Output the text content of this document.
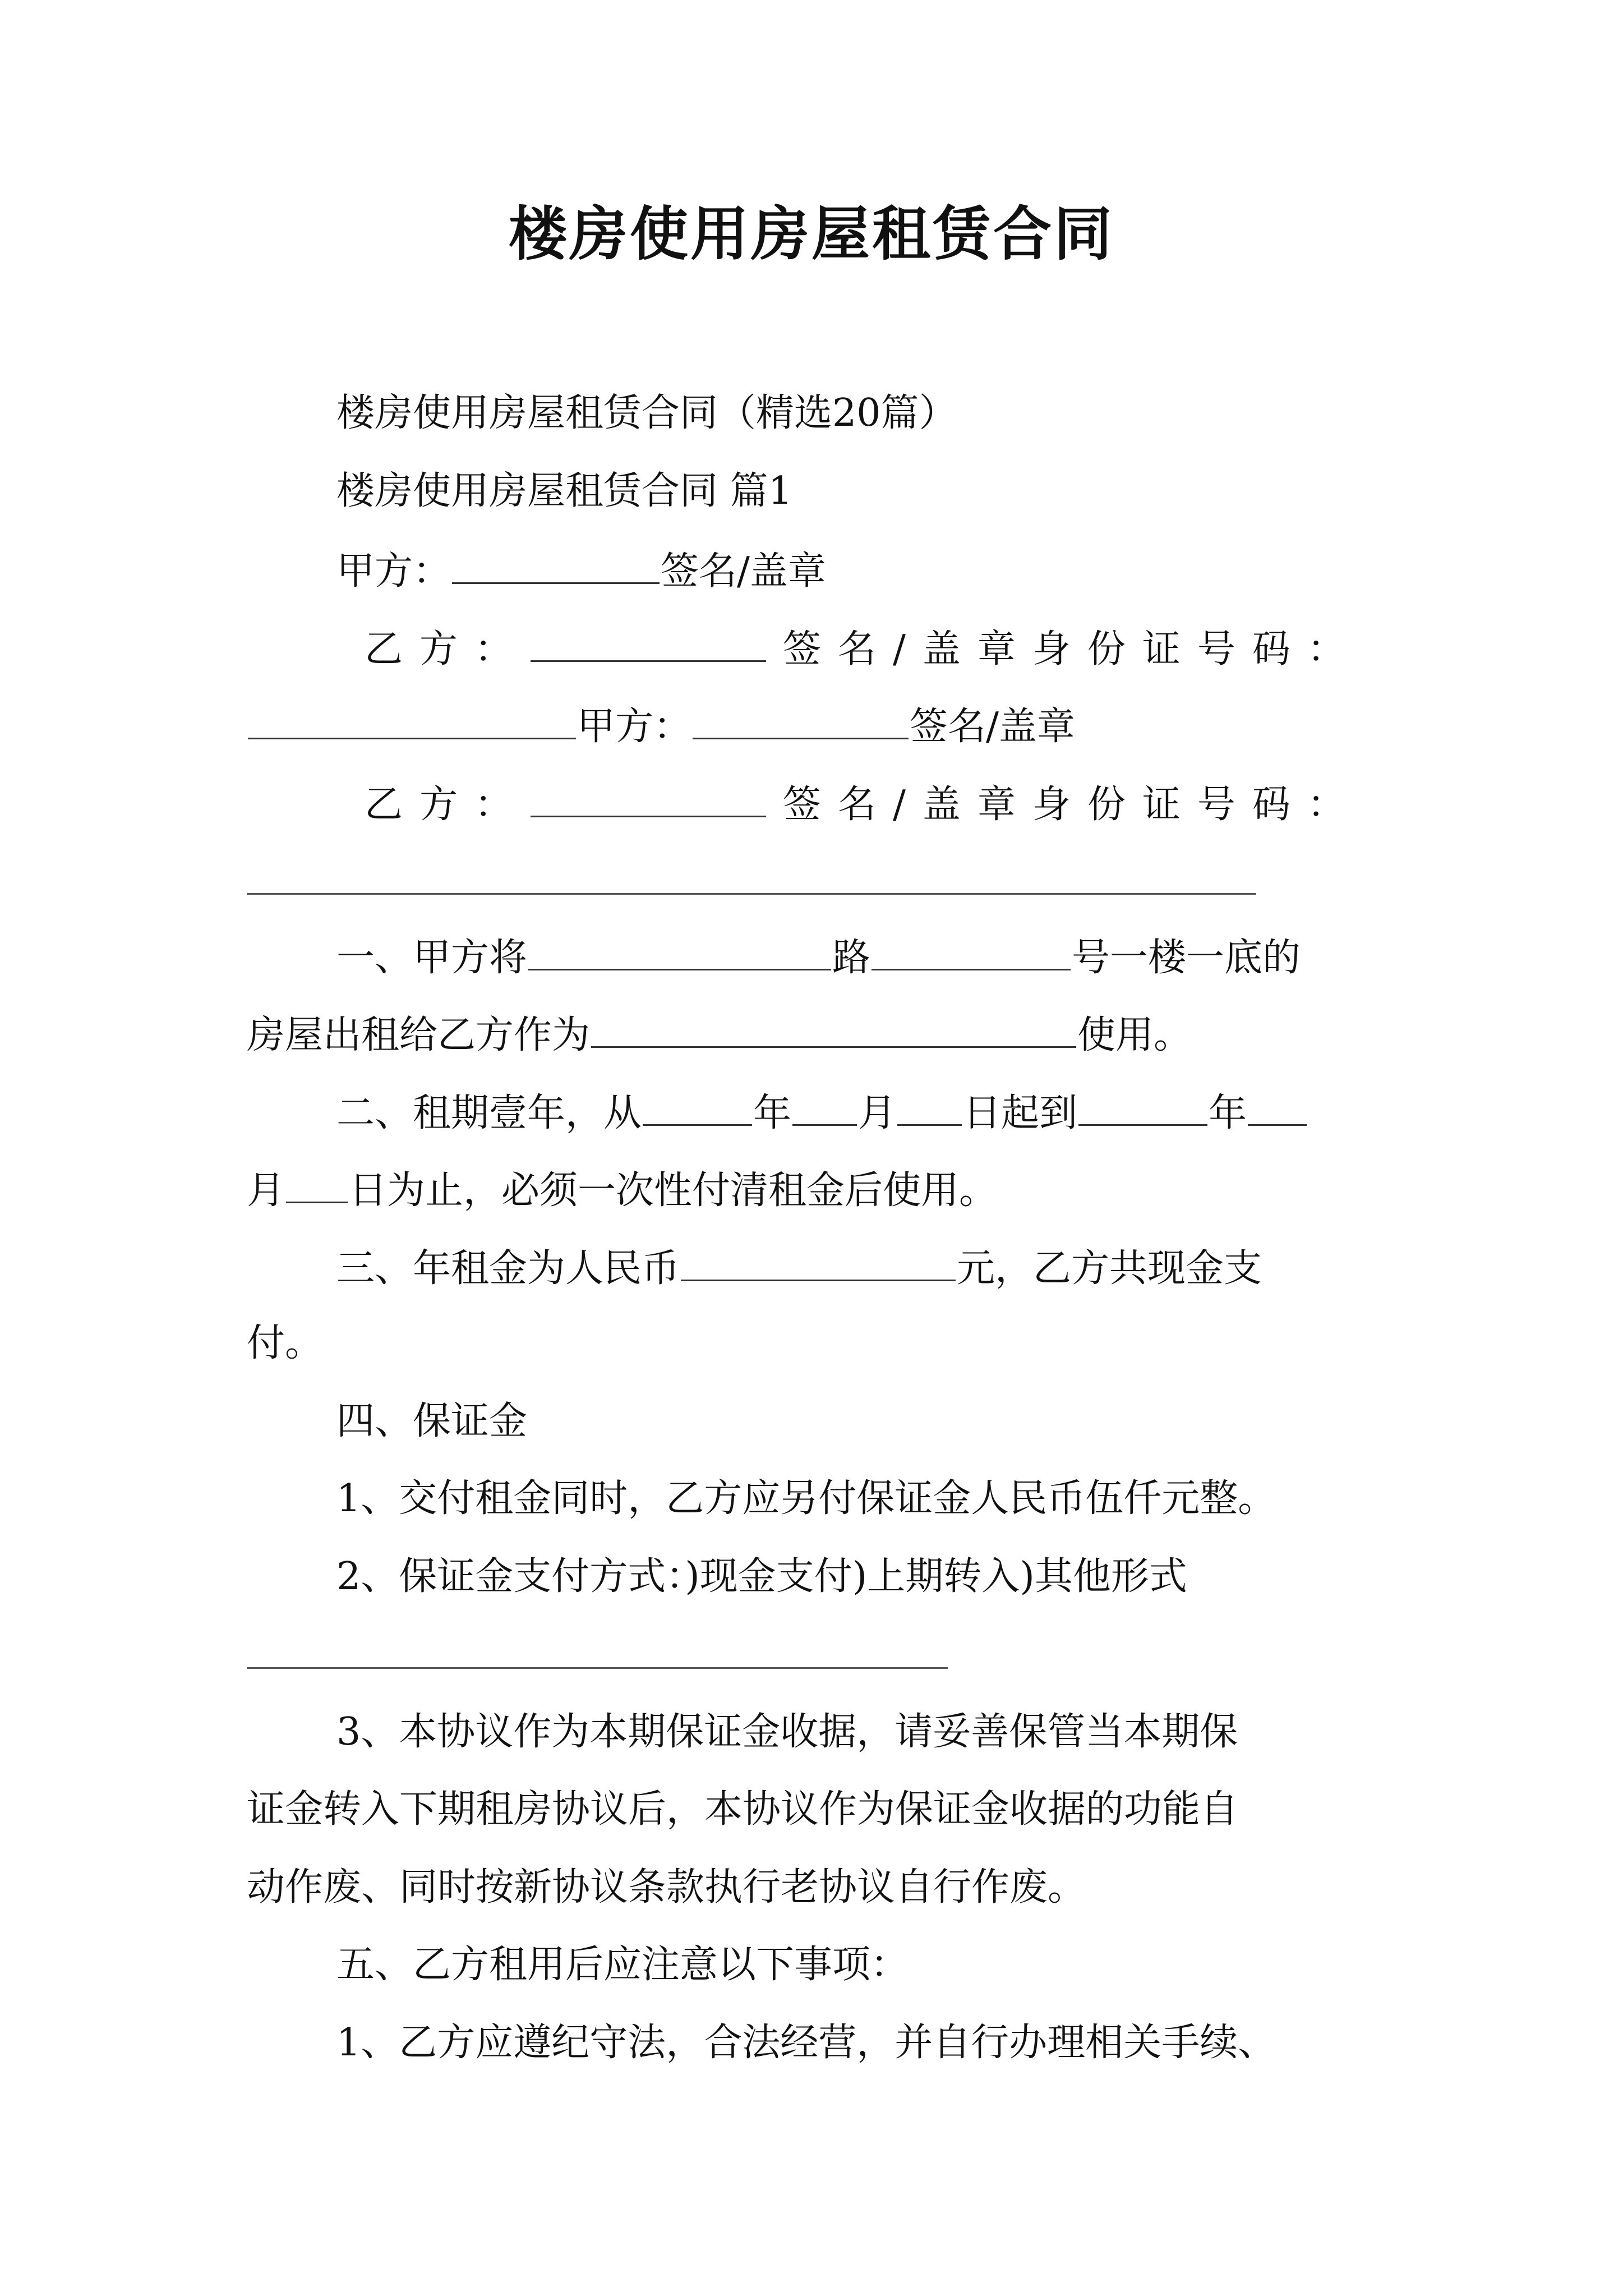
楼房使用房屋租赁合同
楼房使用房屋租赁合同（精选20篇）
楼房使用房屋租赁合同 篇1
甲方：	签名/盖章
乙方：	签名/盖章身份证号码：
甲方：	签名/盖章
乙方：	签名/盖章身份证号码：
一、甲方将	路	号一楼一底的
房屋出租给乙方作为	使用。
二、租期壹年，从	年 月 日起到	年
月 日为止，必须一次性付清租金后使用。
三、年租金为人民币	元，乙方共现金支
付。
四、保证金
1、交付租金同时，乙方应另付保证金人民币伍仟元整。
2、保证金支付方式：)现金支付)上期转入)其他形式
3、本协议作为本期保证金收据，请妥善保管当本期保
证金转入下期租房协议后，本协议作为保证金收据的功能自
动作废、同时按新协议条款执行老协议自行作废。
五、乙方租用后应注意以下事项：
1、乙方应遵纪守法，合法经营，并自行办理相关手续、
